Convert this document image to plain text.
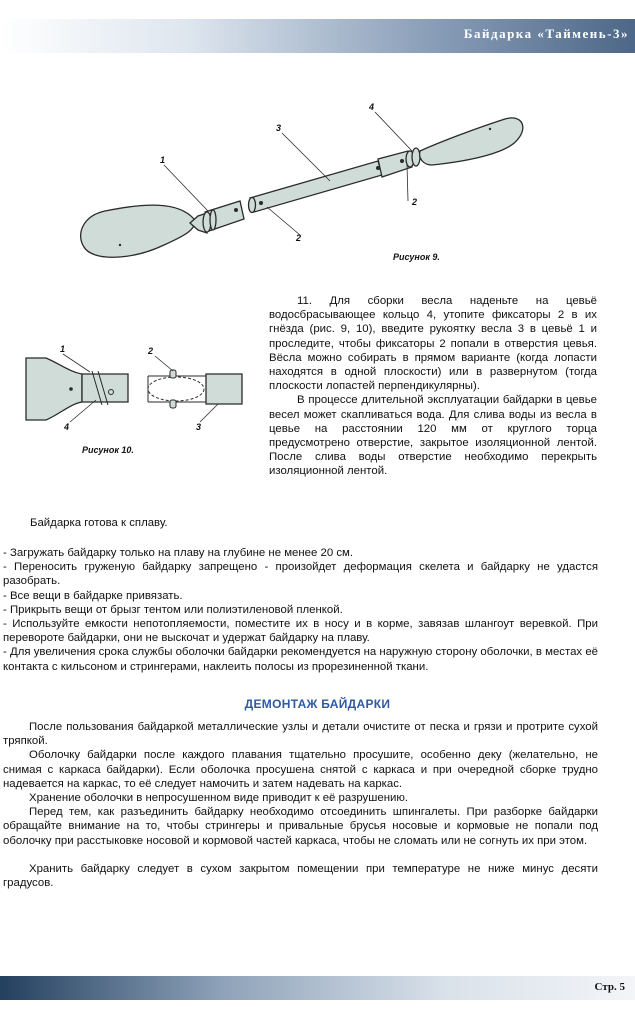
Байдарка «Таймень-3»
1
2
3
4
2
Рисунок 9.
1
4
2
3
Рисунок 10.

11. Для сборки весла наденьте на цевьё водосбрасывающее кольцо 4, утопите фиксаторы 2 в их гнёзда (рис. 9, 10), введите рукоятку весла 3 в цевьё 1 и проследите, чтобы фиксаторы 2 попали в отверстия цевья. Вёсла можно собирать в прямом варианте (когда лопасти находятся в одной плоскости) или в развернутом (тогда плоскости лопастей перпендикулярны).

В процессе длительной эксплуатации байдарки в цевье весел может скапливаться вода. Для слива воды из весла в цевье на расстоянии 120 мм от круглого торца предусмотрено отверстие, закрытое изоляционной лентой. После слива воды отверстие необходимо перекрыть изоляционной лентой.

Байдарка готова к сплаву.

- Загружать байдарку только на плаву на глубине не менее 20 см.

- Переносить груженую байдарку запрещено - произойдет деформация скелета и байдарку не удастся разобрать.

- Все вещи в байдарке привязать.

- Прикрыть вещи от брызг тентом или полиэтиленовой пленкой.

- Используйте емкости непотопляемости, поместите их в носу и в корме, завязав шлангоут веревкой. При перевороте байдарки, они не выскочат и удержат байдарку на плаву.

- Для увеличения срока службы оболочки байдарки рекомендуется на наружную сторону оболочки, в местах её контакта с кильсоном и стрингерами, наклеить полосы из прорезиненной ткани.

ДЕМОНТАЖ БАЙДАРКИ

После пользования байдаркой металлические узлы и детали очистите от песка и грязи и протрите сухой тряпкой.

Оболочку байдарки после каждого плавания тщательно просушите, особенно деку (желательно, не снимая с каркаса байдарки). Если оболочка просушена снятой с каркаса и при очередной сборке трудно надевается на каркас, то её следует намочить и затем надевать на каркас.

Хранение оболочки в непросушенном виде приводит к её разрушению.

Перед тем, как разъединить байдарку необходимо отсоединить шпингалеты. При разборке байдарки обращайте внимание на то, чтобы стрингеры и привальные брусья носовые и кормовые не попали под оболочку при расстыковке носовой и кормовой частей каркаса, чтобы не сломать или не согнуть их при этом.

Хранить байдарку следует в сухом закрытом помещении при температуре не ниже минус десяти градусов.

Стр. 5
